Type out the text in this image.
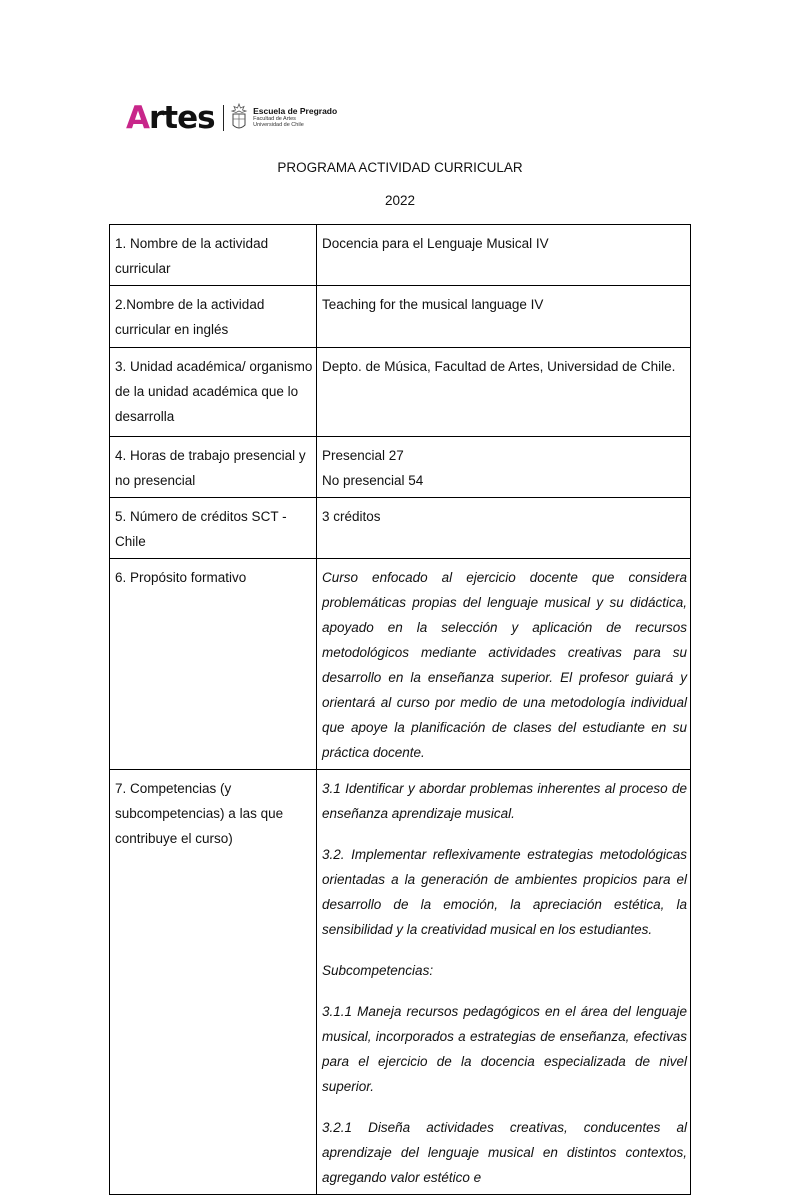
A rtes	Escuela de Pregrado
Facultad de Artes
Universidad de Chile
PROGRAMA ACTIVIDAD CURRICULAR
2022
1. Nombre de la actividad curricular	Docencia para el Lenguaje Musical IV
2.Nombre de la actividad curricular en inglés	Teaching for the musical language IV
3. Unidad académica/ organismo de la unidad académica que lo desarrolla	Depto. de Música, Facultad de Artes, Universidad de Chile.
4. Horas de trabajo presencial y no presencial	Presencial 27
No presencial 54

5. Número de créditos SCT - Chile	3 créditos
6. Propósito formativo	Curso enfocado al ejercicio docente que considera problemáticas propias del lenguaje musical y su didáctica, apoyado en la selección y aplicación de recursos metodológicos mediante actividades creativas para su desarrollo en la enseñanza superior. El profesor guiará y orientará al curso por medio de una metodología individual que apoye la planificación de clases del estudiante en su práctica docente.
7. Competencias (y subcompetencias) a las que contribuye el curso)	3.1 Identificar y abordar problemas inherentes al proceso de enseñanza aprendizaje musical.

3.2. Implementar reflexivamente estrategias metodológicas orientadas a la generación de ambientes propicios para el desarrollo de la emoción, la apreciación estética, la sensibilidad y la creatividad musical en los estudiantes.

Subcompetencias:

3.1.1 Maneja recursos pedagógicos en el área del lenguaje musical, incorporados a estrategias de enseñanza, efectivas para el ejercicio de la docencia especializada de nivel superior.

3.2.1 Diseña actividades creativas, conducentes al aprendizaje del lenguaje musical en distintos contextos, agregando valor estético e
